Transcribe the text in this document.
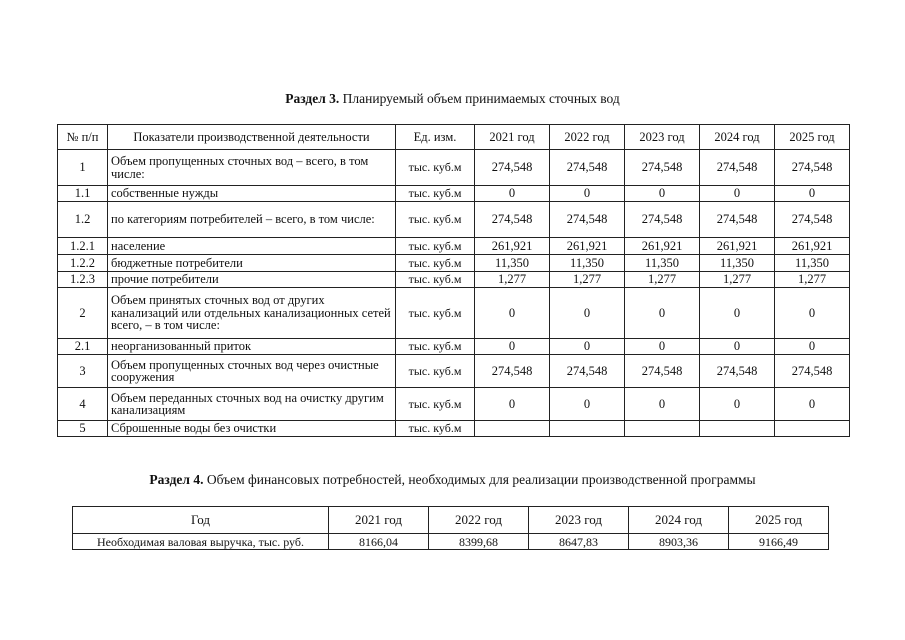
Раздел 3. Планируемый объем принимаемых сточных вод
№ п/п	Показатели производственной деятельности	Ед. изм.	2021 год	2022 год	2023 год	2024 год	2025 год
1	Объем пропущенных сточных вод – всего, в том числе:	тыс. куб.м	274,548	274,548	274,548	274,548	274,548
1.1	собственные нужды	тыс. куб.м	0	0	0	0	0
1.2	по категориям потребителей – всего, в том числе:	тыс. куб.м	274,548	274,548	274,548	274,548	274,548
1.2.1	население	тыс. куб.м	261,921	261,921	261,921	261,921	261,921
1.2.2	бюджетные потребители	тыс. куб.м	11,350	11,350	11,350	11,350	11,350
1.2.3	прочие потребители	тыс. куб.м	1,277	1,277	1,277	1,277	1,277
2	Объем принятых сточных вод от других канализаций или отдельных канализационных сетей всего, – в том числе:	тыс. куб.м	0	0	0	0	0
2.1	неорганизованный приток	тыс. куб.м	0	0	0	0	0
3	Объем пропущенных сточных вод через очистные сооружения	тыс. куб.м	274,548	274,548	274,548	274,548	274,548
4	Объем переданных сточных вод на очистку другим канализациям	тыс. куб.м	0	0	0	0	0
5	Сброшенные воды без очистки	тыс. куб.м					
Раздел 4. Объем финансовых потребностей, необходимых для реализации производственной программы
Год	2021 год	2022 год	2023 год	2024 год	2025 год
Необходимая валовая выручка, тыс. руб.	8166,04	8399,68	8647,83	8903,36	9166,49
